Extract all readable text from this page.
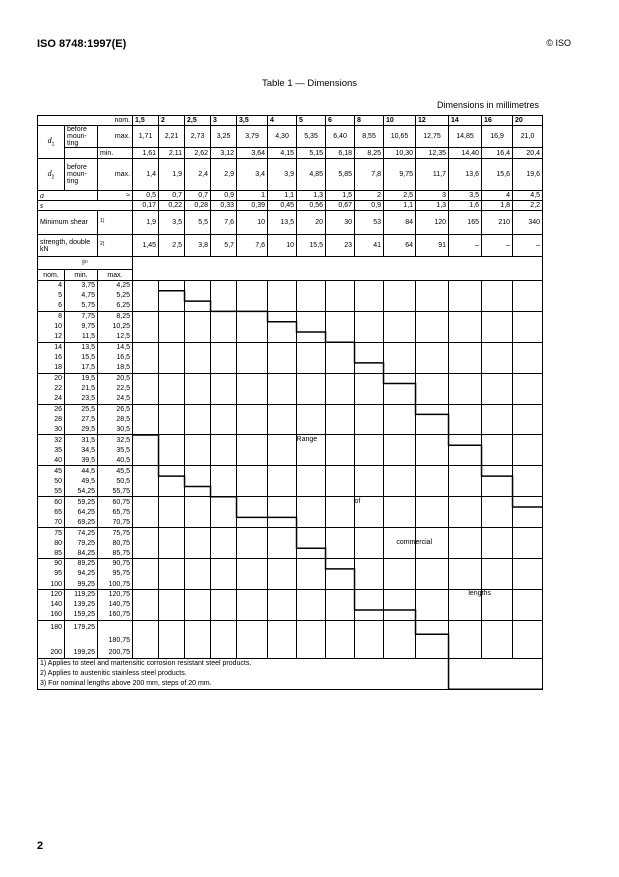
ISO 8748:1997(E)	© ISO
Table 1 — Dimensions
Dimensions in millimetres
nom.			1,5	2	2,5	3	3,5	4	5	6	8	10	12	14	16	20
$d_1$	before moun-ting	max.	1,71	2,21	2,73	3,25	3,79	4,30	5,35	6,40	8,55	10,65	12,75	14,85	16,9	21,0
		min.	1,61	2,11	2,62	3,12	3,64	4,15	5,15	6,18	8,25	10,30	12,35	14,40	16,4	20,4
$d_2$	before moun-ting	max.	1,4	1,9	2,4	2,9	3,4	3,9	4,85	5,85	7,8	9,75	11,7	13,6	15,6	19,6
a		≈	0,5	0,7	0,7	0,9	1	1,1	1,3	1,5	2	2,5	3	3,5	4	4,5
s			0,17	0,22	0,28	0,33	0,39	0,45	0,56	0,67	0,9	1,1	1,3	1,6	1,8	2,2
Minimum shear		$^{1)}$	1,9	3,5	5,5	7,6	10	13,5	20	30	53	84	120	165	210	340
strength, double kN		$^{2)}$	1,45	2,5	3,8	5,7	7,6	10	15,5	23	41	64	91	–	–	–
l³⁾																
nom.	min.	max.														
4	3,75	4,25														
5	4,75	5,25														
6	5,75	6,25														
8	7,75	8,25														
10	9,75	10,25														
12	11,5	12,5														
14	13,5	14,5														
16	15,5	16,5														
18	17,5	18,5														
20	19,5	20,5														
22	21,5	22,5														
24	23,5	24,5														
26	25,5	26,5														
28	27,5	28,5														
30	29,5	30,5														
32	31,5	32,5														
35	34,5	35,5														
40	39,5	40,5														
45	44,5	45,5														
50	49,5	50,5														
55	54,25	55,75														
60	59,25	60,75														
65	64,25	65,75														
70	69,25	70,75														
75	74,25	75,75														
80	79,25	80,75														
85	84,25	85,75														
90	89,25	90,75														
95	94,25	95,75														
100	99,25	100,75														
120	119,25	120,75														
140	139,25	140,75														
160	159,25	160,75														
180	179,25															
		180,75														
200	199,25	200,75														

1) Applies to steel and martensitic corrosion resistant steel products.
2) Applies to austenitic stainless steel products.
3) For nominal lengths above 200 mm, steps of 20 mm.																
Range
of
commercial
lengths
2
